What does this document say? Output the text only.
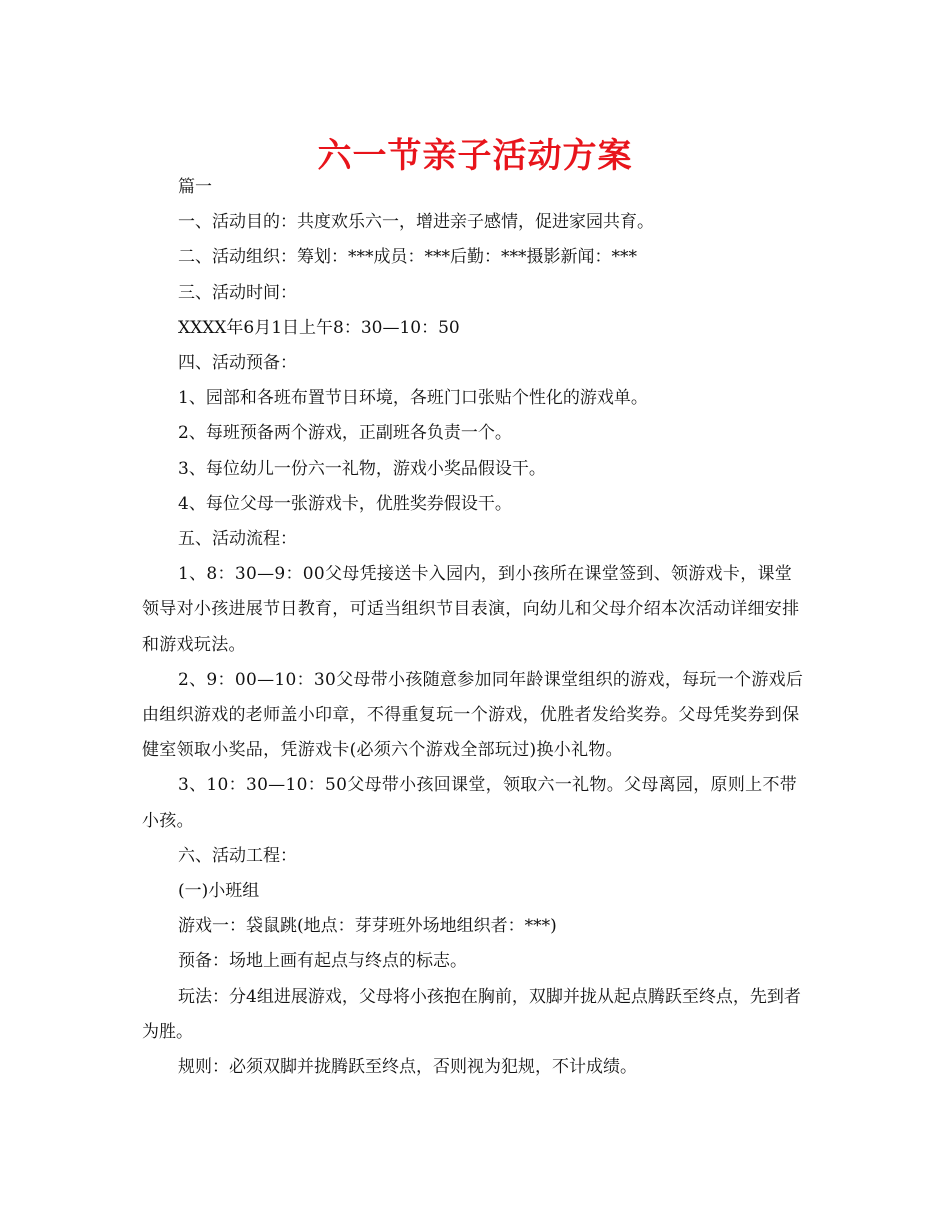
六一节亲子活动方案

篇一

一、活动目的：共度欢乐六一，增进亲子感情，促进家园共育。

二、活动组织：筹划：***成员：***后勤：***摄影新闻：***

三、活动时间：

XXXX年6月1日上午8：30—10：50

四、活动预备：

1、园部和各班布置节日环境，各班门口张贴个性化的游戏单。

2、每班预备两个游戏，正副班各负责一个。

3、每位幼儿一份六一礼物，游戏小奖品假设干。

4、每位父母一张游戏卡，优胜奖券假设干。

五、活动流程：

1、8：30—9：00父母凭接送卡入园内，到小孩所在课堂签到、领游戏卡，课堂领导对小孩进展节日教育，可适当组织节目表演，向幼儿和父母介绍本次活动详细安排和游戏玩法。

2、9：00—10：30父母带小孩随意参加同年龄课堂组织的游戏，每玩一个游戏后由组织游戏的老师盖小印章，不得重复玩一个游戏，优胜者发给奖券。父母凭奖券到保健室领取小奖品，凭游戏卡(必须六个游戏全部玩过)换小礼物。

3、10：30—10：50父母带小孩回课堂，领取六一礼物。父母离园，原则上不带小孩。

六、活动工程：

(一)小班组

游戏一：袋鼠跳(地点：芽芽班外场地组织者：***)

预备：场地上画有起点与终点的标志。

玩法：分4组进展游戏，父母将小孩抱在胸前，双脚并拢从起点腾跃至终点，先到者为胜。

规则：必须双脚并拢腾跃至终点，否则视为犯规，不计成绩。
